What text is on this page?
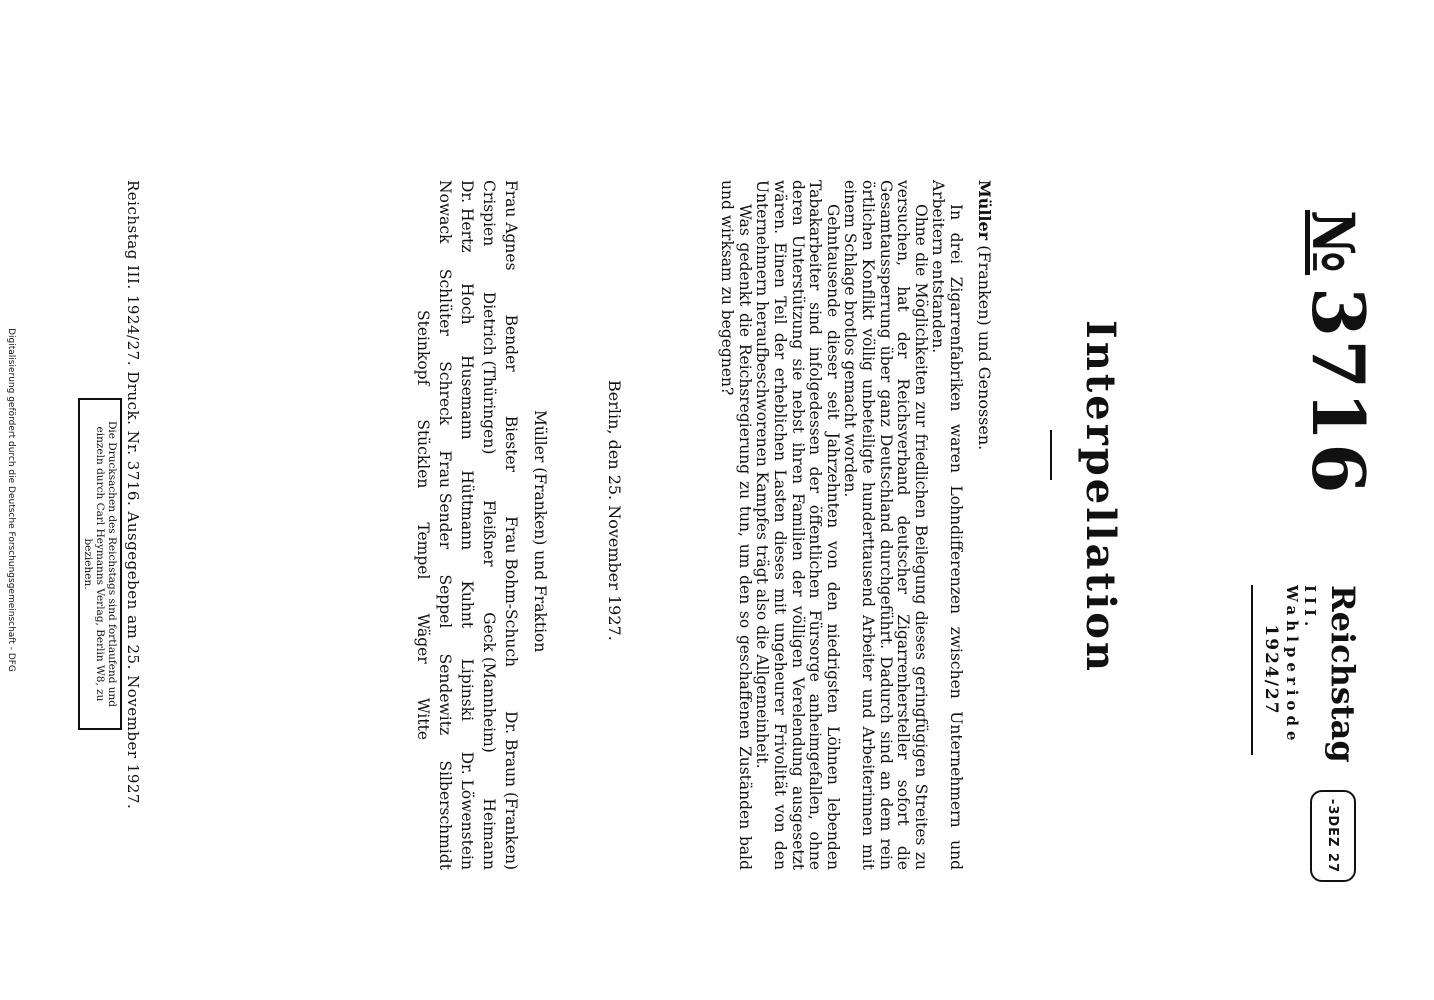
№3716
Reichstag
III. Wahlperiode
1924/27
-3DEZ 27
Interpellation
Müller (Franken) und Genossen.

In drei Zigarrenfabriken waren Lohndifferenzen zwischen Unternehmern und Arbeitern entstanden.

Ohne die Möglichkeiten zur friedlichen Beilegung dieses geringfügigen Streites zu versuchen, hat der Reichsverband deutscher Zigarrenhersteller sofort die Gesamtaussperrung über ganz Deutschland durchgeführt. Dadurch sind an dem rein örtlichen Konflikt völlig unbeteiligte hunderttausend Arbeiter und Arbeiterinnen mit einem Schlage brotlos gemacht worden.

Gehntausende dieser seit Jahrzehnten von den niedrigsten Löhnen lebenden Tabakarbeiter sind infolgedessen der öffentlichen Fürsorge anheimgefallen, ohne deren Unterstützung sie nebst ihren Familien der völligen Verelendung ausgesetzt wären. Einen Teil der erheblichen Lasten dieses mit ungeheurer Frivolität von den Unternehmern heraufbeschworenen Kampfes trägt also die Allgemeinheit.

Was gedenkt die Reichsregierung zu tun, um den so geschaffenen Zuständen bald und wirksam zu begegnen?

Berlin, den 25. November 1927.
Müller (Franken) und Fraktion
Frau Agnes
Bender
Biester
Frau Bohm-Schuch
Dr. Braun (Franken)
Crispien
Dietrich (Thüringen)
Fleißner
Geck (Mannheim)
Heimann
Dr. Hertz
Hoch
Husemann
Hüttmann
Kuhnt
Lipinski
Dr. Löwenstein
Nowack
Schlüter
Schreck
Frau Sender
Seppel
Sendewitz
Silberschmidt
Steinkopf
Stücklen
Tempel
Wäger
Witte
Reichstag III. 1924/27. Druck. Nr. 3716. Ausgegeben am 25. November 1927.
Die Drucksachen des Reichstags sind fortlaufend und einzeln durch Carl Heymanns Verlag, Berlin W8, zu beziehen.
Digitalisierung gefördert durch die Deutsche Forschungsgemeinschaft - DFG
